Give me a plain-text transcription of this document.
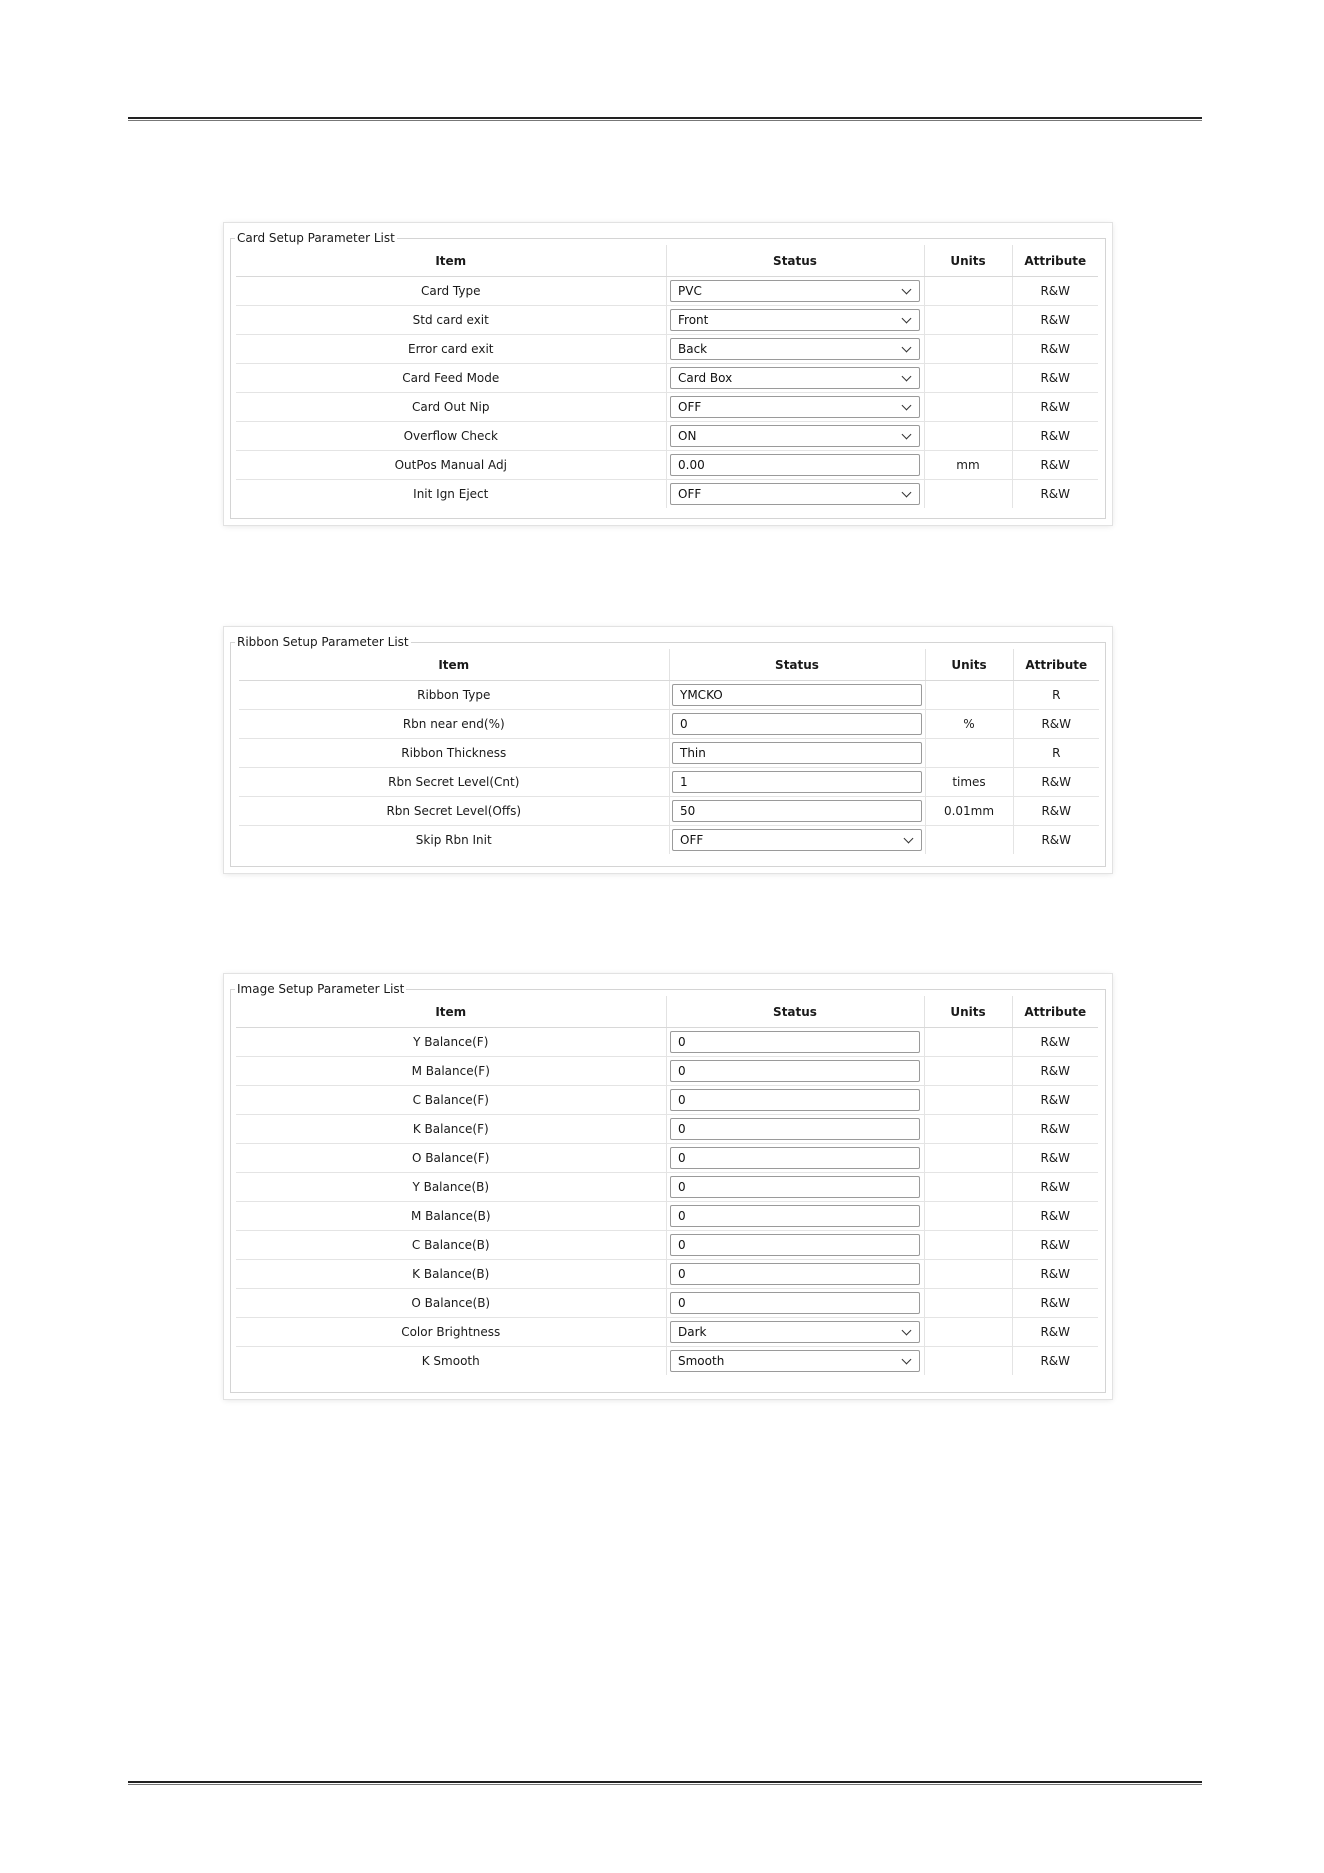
Card Setup Parameter List
Item	Status	Units	Attribute
Card Type	PVC		R&W
Std card exit	Front		R&W
Error card exit	Back		R&W
Card Feed Mode	Card Box		R&W
Card Out Nip	OFF		R&W
Overflow Check	ON		R&W
OutPos Manual Adj	0.00	mm	R&W
Init Ign Eject	OFF		R&W
Ribbon Setup Parameter List
Item	Status	Units	Attribute
Ribbon Type	YMCKO		R
Rbn near end(%)	0	%	R&W
Ribbon Thickness	Thin		R
Rbn Secret Level(Cnt)	1	times	R&W
Rbn Secret Level(Offs)	50	0.01mm	R&W
Skip Rbn Init	OFF		R&W
Image Setup Parameter List
Item	Status	Units	Attribute
Y Balance(F)	0		R&W
M Balance(F)	0		R&W
C Balance(F)	0		R&W
K Balance(F)	0		R&W
O Balance(F)	0		R&W
Y Balance(B)	0		R&W
M Balance(B)	0		R&W
C Balance(B)	0		R&W
K Balance(B)	0		R&W
O Balance(B)	0		R&W
Color Brightness	Dark		R&W
K Smooth	Smooth		R&W
